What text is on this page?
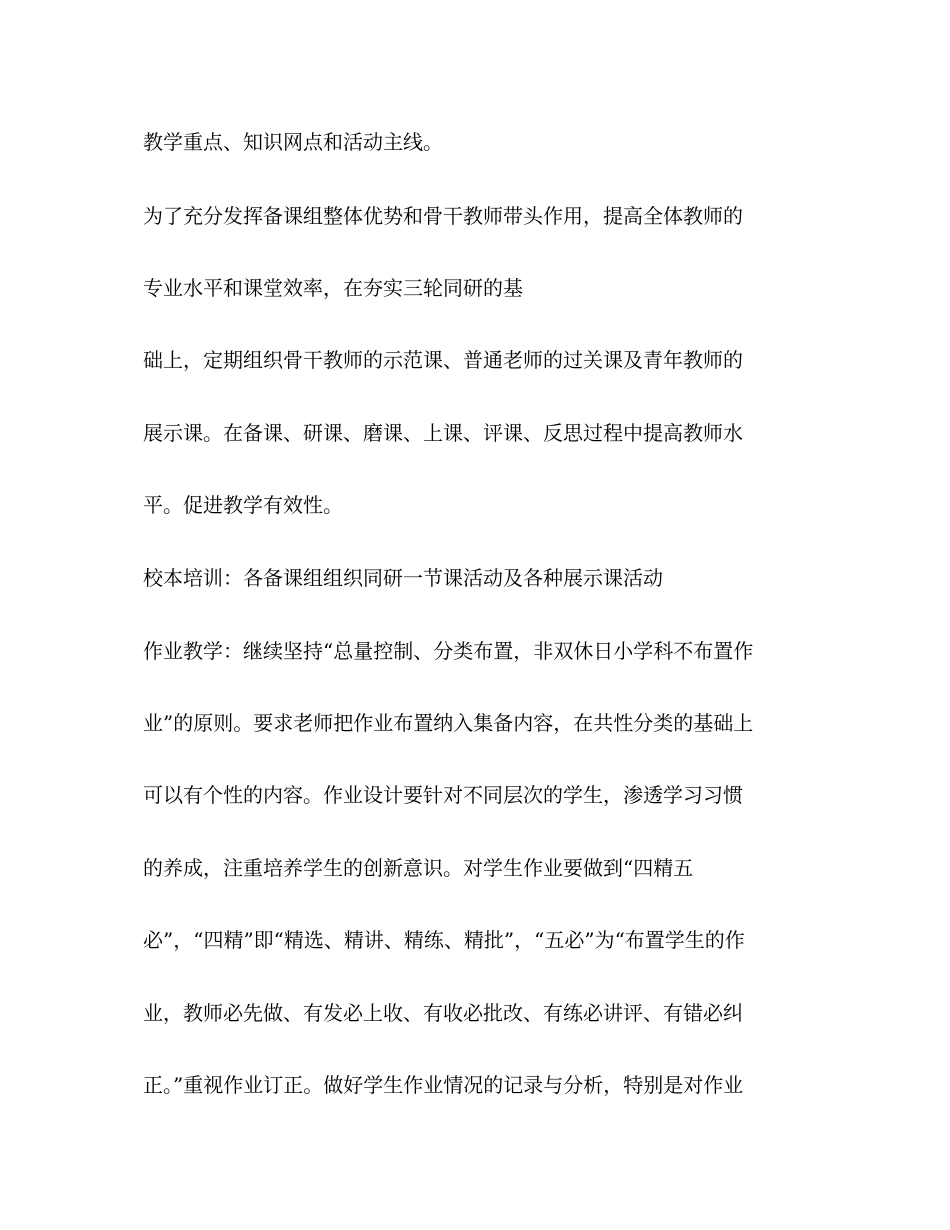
教学重点、知识网点和活动主线。
为了充分发挥备课组整体优势和骨干教师带头作用，提高全体教师的
专业水平和课堂效率，在夯实三轮同研的基
础上，定期组织骨干教师的示范课、普通老师的过关课及青年教师的
展示课。在备课、研课、磨课、上课、评课、反思过程中提高教师水
平。促进教学有效性。
校本培训：各备课组组织同研一节课活动及各种展示课活动
作业教学：继续坚持“总量控制、分类布置，非双休日小学科不布置作
业”的原则。要求老师把作业布置纳入集备内容，在共性分类的基础上
可以有个性的内容。作业设计要针对不同层次的学生，渗透学习习惯
的养成，注重培养学生的创新意识。对学生作业要做到“四精五
必”，“四精”即“精选、精讲、精练、精批”，“五必”为“布置学生的作
业，教师必先做、有发必上收、有收必批改、有练必讲评、有错必纠
正。”重视作业订正。做好学生作业情况的记录与分析，特别是对作业
